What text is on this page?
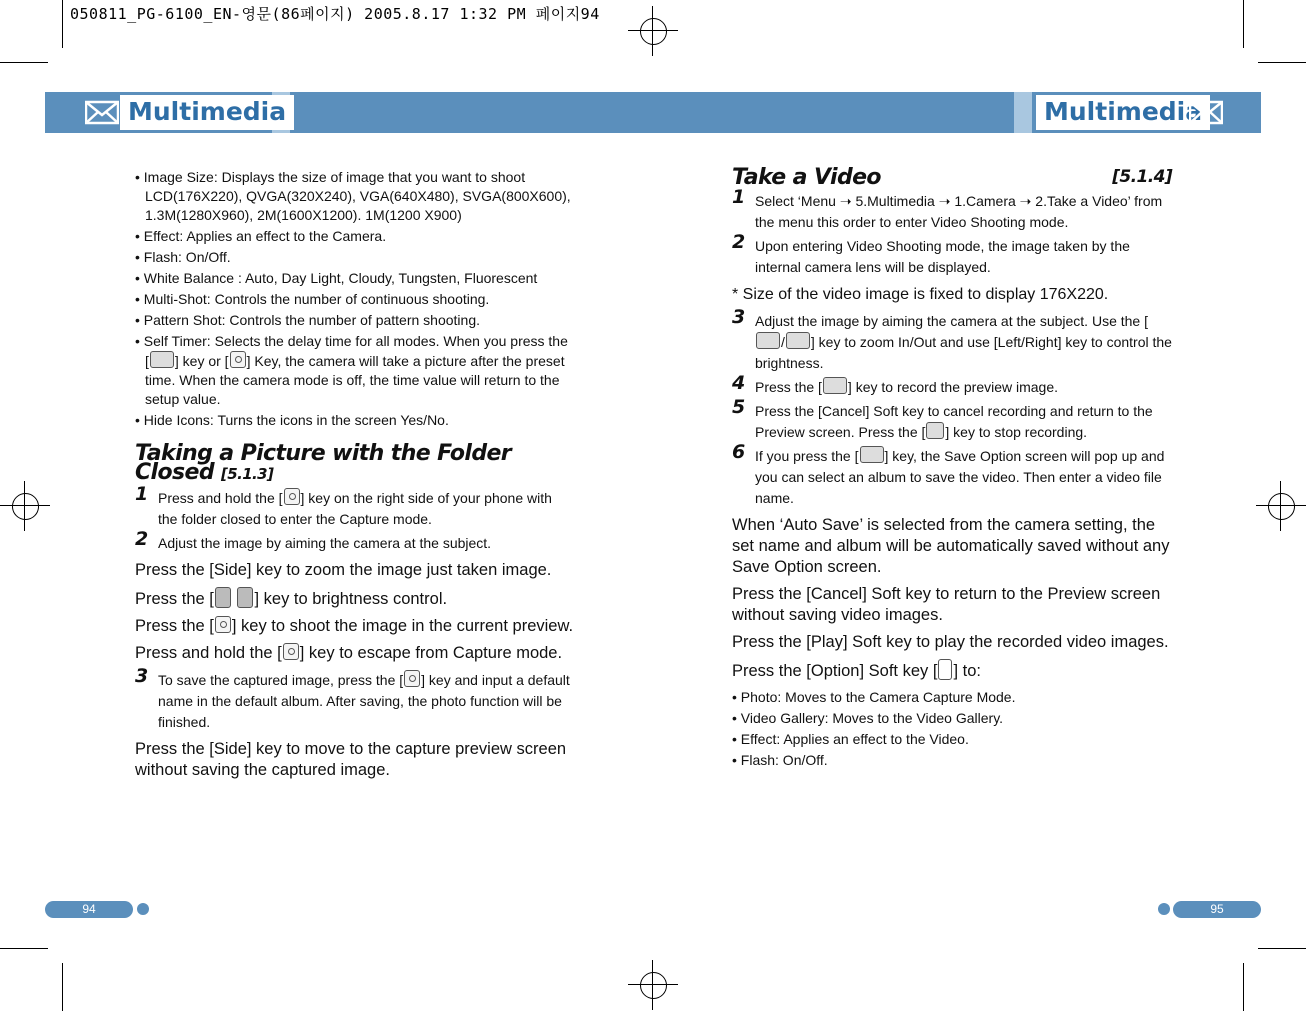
050811_PG-6100_EN-영문(86페이지) 2005.8.17 1:32 PM 페이지94
Multimedia	Multimedia
• Image Size: Displays the size of image that you want to shoot LCD(176X220), QVGA(320X240), VGA(640X480), SVGA(800X600), 1.3M(1280X960), 2M(1600X1200). 1M(1200 X900)
• Effect: Applies an effect to the Camera.
• Flash: On/Off.
• White Balance : Auto, Day Light, Cloudy, Tungsten, Fluorescent
• Multi-Shot: Controls the number of continuous shooting.
• Pattern Shot: Controls the number of pattern shooting.
• Self Timer: Selects the delay time for all modes. When you press the [ ] key or [ ] Key, the camera will take a picture after the preset time. When the camera mode is off, the time value will return to the setup value.
• Hide Icons: Turns the icons in the screen Yes/No.
Taking a Picture with the Folder Closed [5.1.3]
1 Press and hold the [ ] key on the right side of your phone with the folder closed to enter the Capture mode.
2 Adjust the image by aiming the camera at the subject.
Press the [Side] key to zoom the image just taken image.
Press the [ ] key to brightness control.
Press the [ ] key to shoot the image in the current preview.
Press and hold the [ ] key to escape from Capture mode.
3 To save the captured image, press the [ ] key and input a default name in the default album. After saving, the photo function will be finished.
Press the [Side] key to move to the capture preview screen without saving the captured image.
Take a Video	[5.1.4]
1 Select ‘Menu ➝ 5.Multimedia ➝ 1.Camera ➝ 2.Take a Video’ from the menu this order to enter Video Shooting mode.
2 Upon entering Video Shooting mode, the image taken by the internal camera lens will be displayed.
* Size of the video image is fixed to display 176X220.
3 Adjust the image by aiming the camera at the subject. Use the [/ ] key to zoom In/Out and use [Left/Right] key to control the brightness.
4 Press the [ ] key to record the preview image.
5 Press the [Cancel] Soft key to cancel recording and return to the Preview screen. Press the [ ] key to stop recording.
6 If you press the [ ] key, the Save Option screen will pop up and you can select an album to save the video. Then enter a video file name.
When ‘Auto Save’ is selected from the camera setting, the set name and album will be automatically saved without any Save Option screen.
Press the [Cancel] Soft key to return to the Preview screen without saving video images.
Press the [Play] Soft key to play the recorded video images.
Press the [Option] Soft key [ ] to:
• Photo: Moves to the Camera Capture Mode.
• Video Gallery: Moves to the Video Gallery.
• Effect: Applies an effect to the Video.
• Flash: On/Off.
94	95
